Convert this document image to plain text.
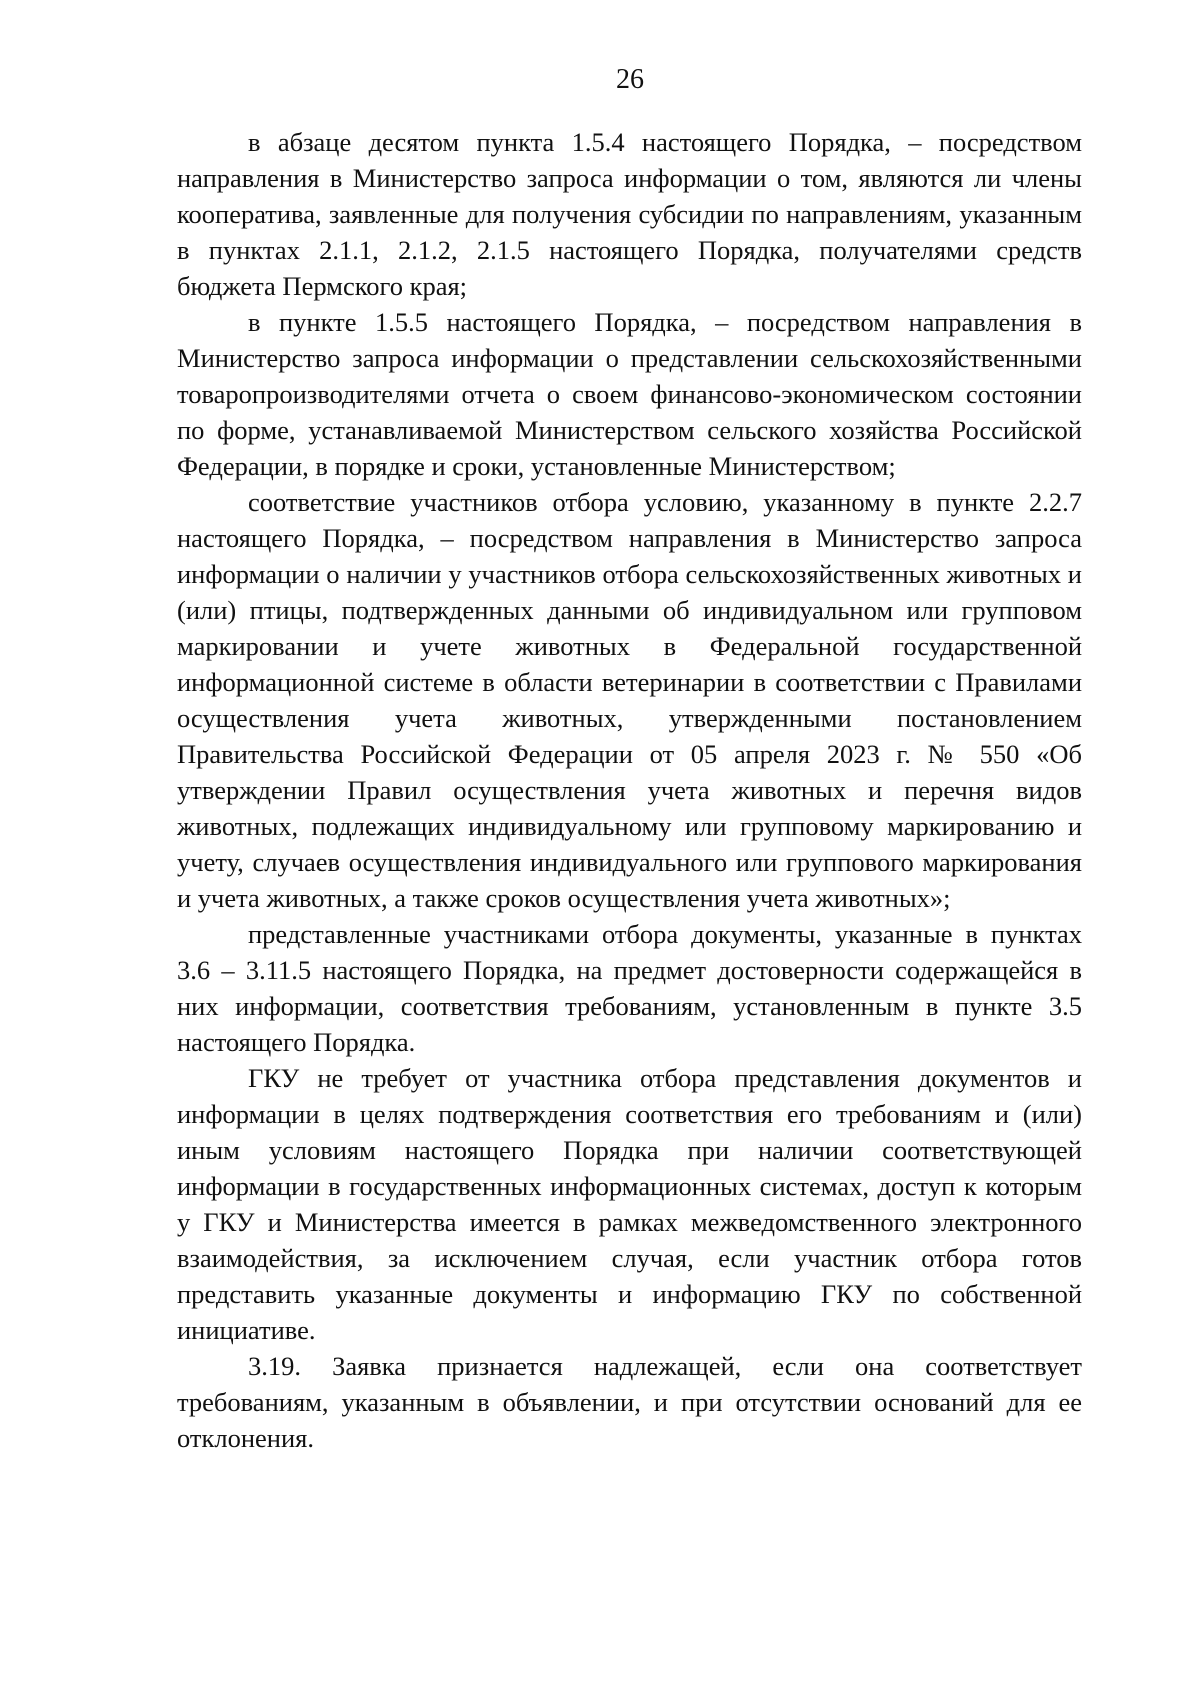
26

в абзаце десятом пункта 1.5.4 настоящего Порядка, – посредством направления в Министерство запроса информации о том, являются ли члены кооператива, заявленные для получения субсидии по направлениям, указанным в пунктах 2.1.1, 2.1.2, 2.1.5 настоящего Порядка, получателями средств бюджета Пермского края;

в пункте 1.5.5 настоящего Порядка, – посредством направления в Министерство запроса информации о представлении сельскохозяйственными товаропроизводителями отчета о своем финансово-экономическом состоянии по форме, устанавливаемой Министерством сельского хозяйства Российской Федерации, в порядке и сроки, установленные Министерством;

соответствие участников отбора условию, указанному в пункте 2.2.7 настоящего Порядка, – посредством направления в Министерство запроса информации о наличии у участников отбора сельскохозяйственных животных и (или) птицы, подтвержденных данными об индивидуальном или групповом маркировании и учете животных в Федеральной государственной информационной системе в области ветеринарии в соответствии с Правилами осуществления учета животных, утвержденными постановлением Правительства Российской Федерации от 05 апреля 2023 г. № 550 «Об утверждении Правил осуществления учета животных и перечня видов животных, подлежащих индивидуальному или групповому маркированию и учету, случаев осуществления индивидуального или группового маркирования и учета животных, а также сроков осуществления учета животных»;

представленные участниками отбора документы, указанные в пунктах 3.6 – 3.11.5 настоящего Порядка, на предмет достоверности содержащейся в них информации, соответствия требованиям, установленным в пункте 3.5 настоящего Порядка.

ГКУ не требует от участника отбора представления документов и информации в целях подтверждения соответствия его требованиям и (или) иным условиям настоящего Порядка при наличии соответствующей информации в государственных информационных системах, доступ к которым у ГКУ и Министерства имеется в рамках межведомственного электронного взаимодействия, за исключением случая, если участник отбора готов представить указанные документы и информацию ГКУ по собственной инициативе.

3.19. Заявка признается надлежащей, если она соответствует требованиям, указанным в объявлении, и при отсутствии оснований для ее отклонения.
